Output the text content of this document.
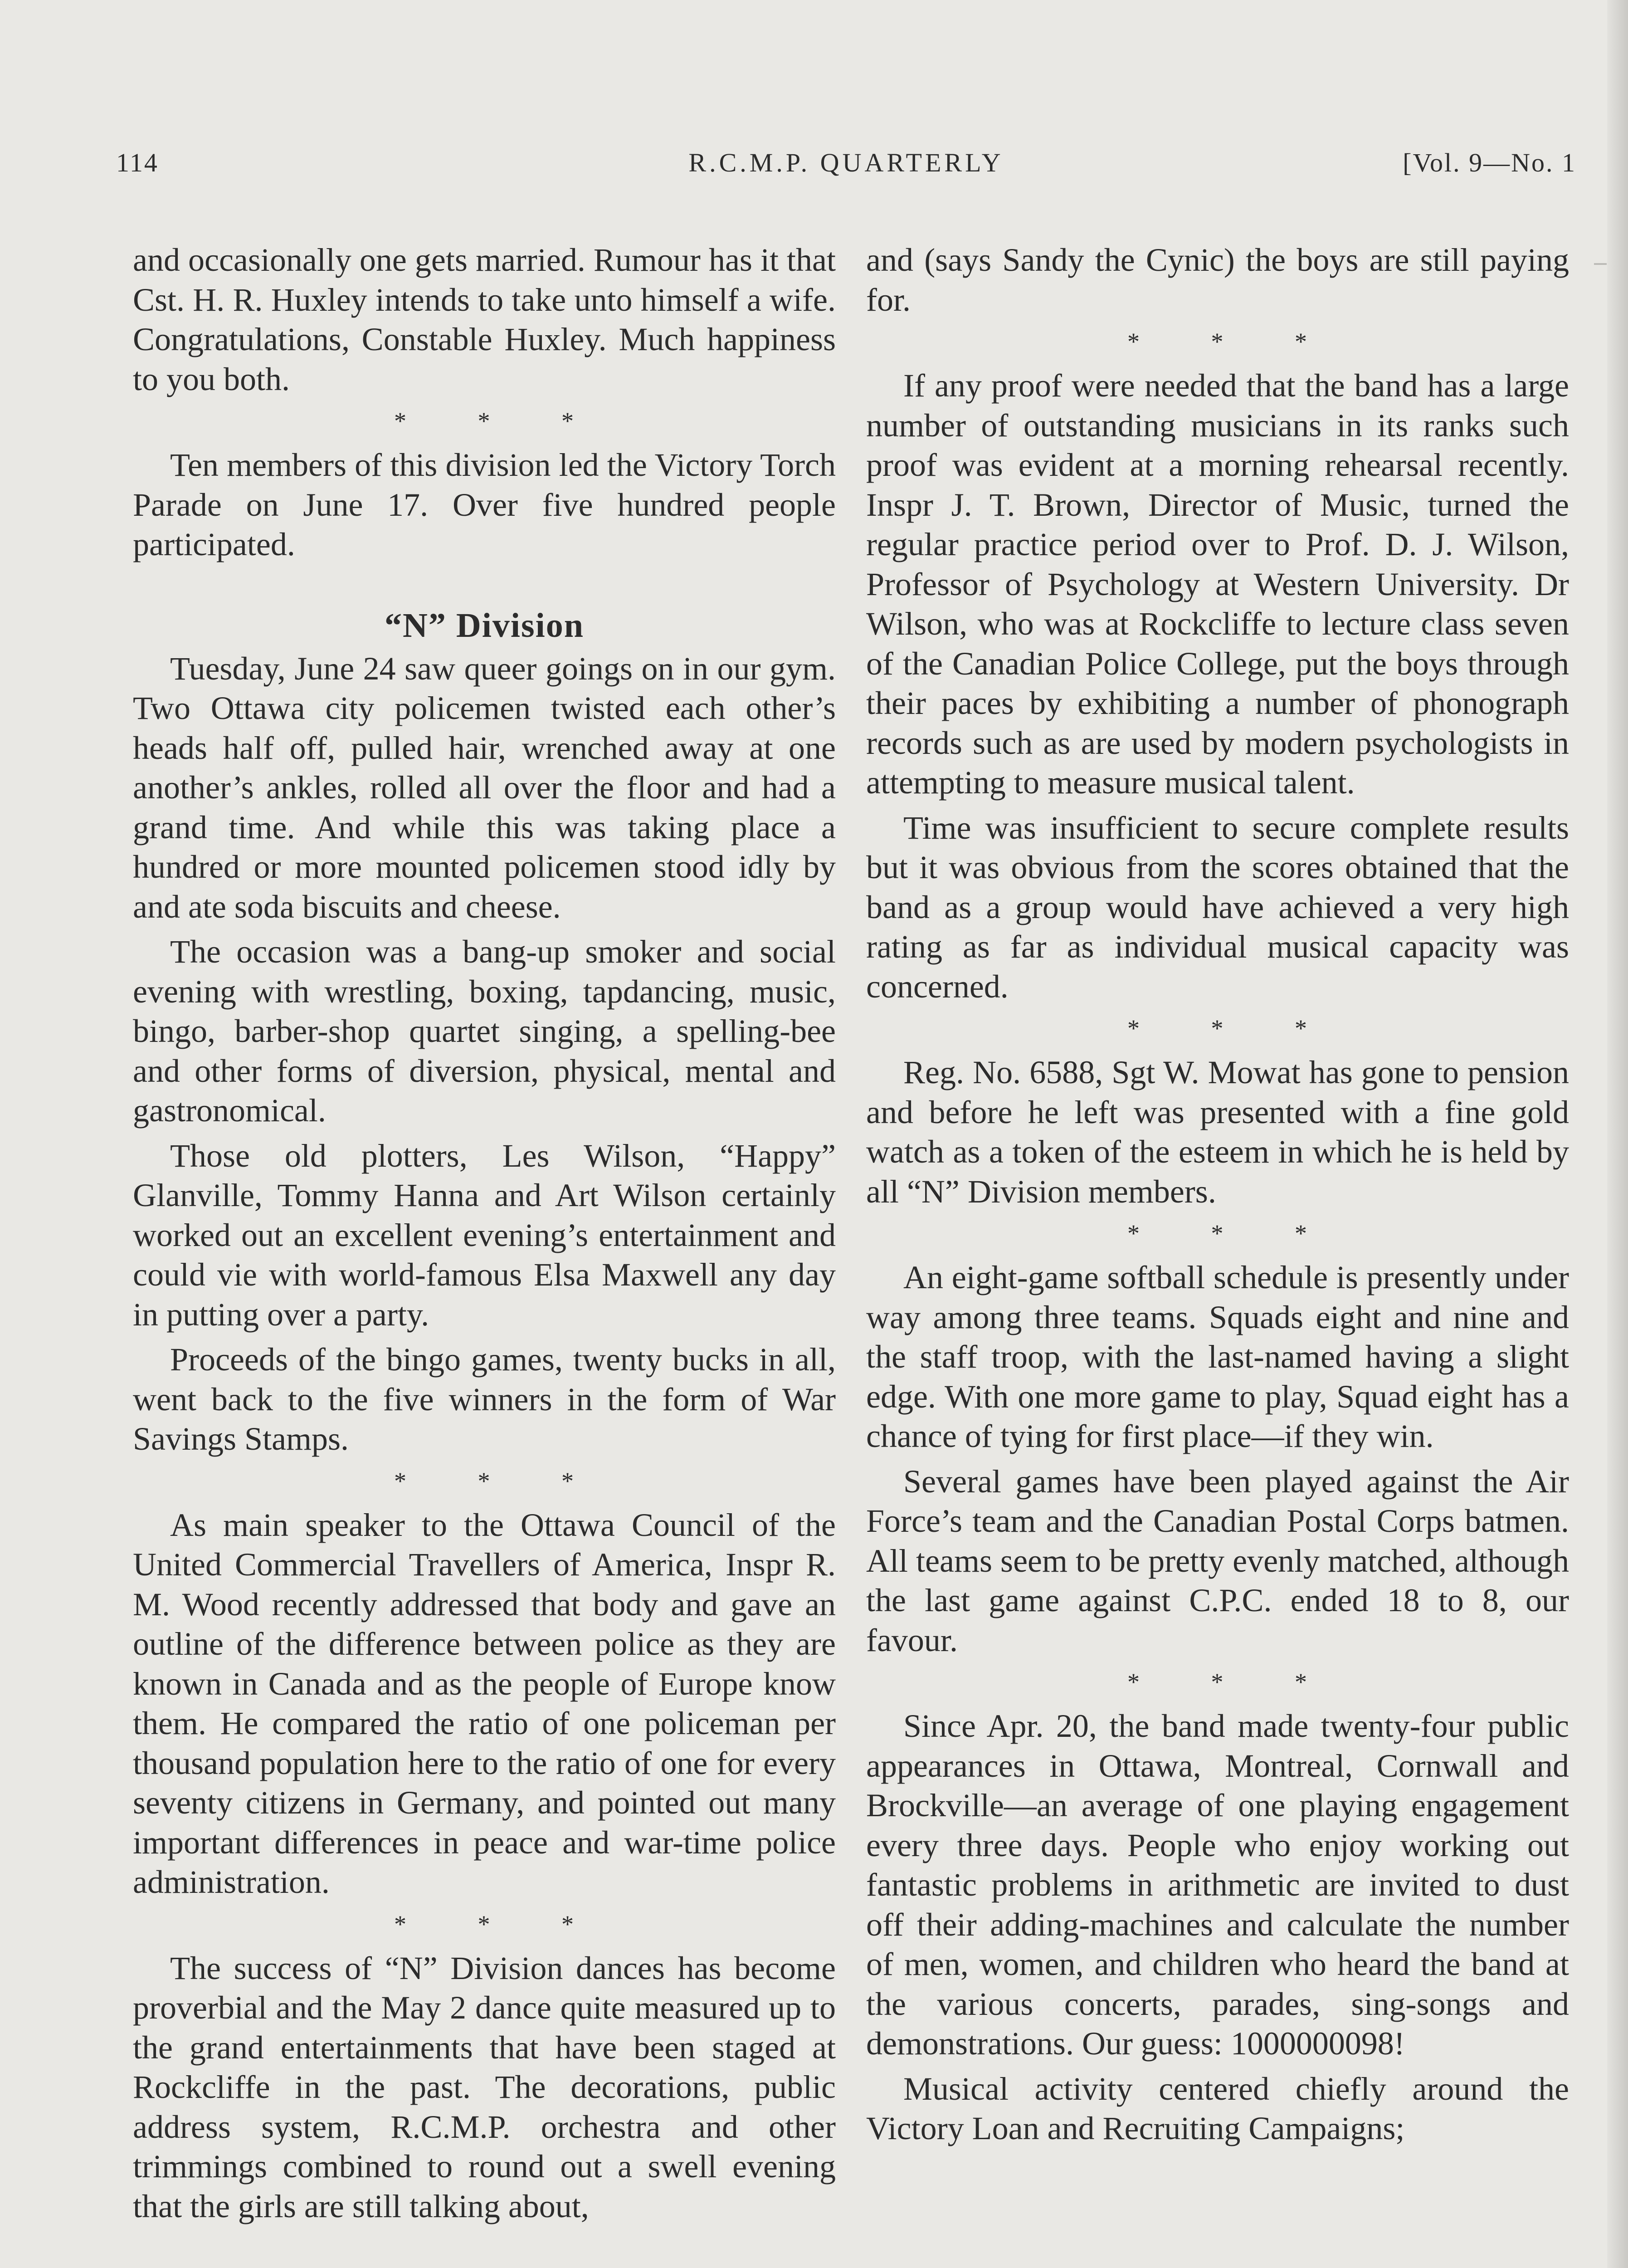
114	R.C.M.P. QUARTERLY	[Vol. 9—No. 1

and occasionally one gets married. Rumour has it that Cst. H. R. Huxley intends to take unto himself a wife. Congratulations, Constable Huxley. Much happiness to you both.

* * *

Ten members of this division led the Victory Torch Parade on June 17. Over five hundred people participated.

“N” Division

Tuesday, June 24 saw queer goings on in our gym. Two Ottawa city policemen twisted each other’s heads half off, pulled hair, wrenched away at one another’s ankles, rolled all over the floor and had a grand time. And while this was taking place a hundred or more mounted policemen stood idly by and ate soda biscuits and cheese.

The occasion was a bang-up smoker and social evening with wrestling, boxing, tapdancing, music, bingo, barber-shop quartet singing, a spelling-bee and other forms of diversion, physical, mental and gastronomical.

Those old plotters, Les Wilson, “Happy” Glanville, Tommy Hanna and Art Wilson certainly worked out an excellent evening’s entertainment and could vie with world-famous Elsa Maxwell any day in putting over a party.

Proceeds of the bingo games, twenty bucks in all, went back to the five winners in the form of War Savings Stamps.

* * *

As main speaker to the Ottawa Council of the United Commercial Travellers of America, Inspr R. M. Wood recently addressed that body and gave an outline of the difference between police as they are known in Canada and as the people of Europe know them. He compared the ratio of one policeman per thousand population here to the ratio of one for every seventy citizens in Germany, and pointed out many important differences in peace and war-time police administration.

* * *

The success of “N” Division dances has become proverbial and the May 2 dance quite measured up to the grand entertainments that have been staged at Rockcliffe in the past. The decorations, public address system, R.C.M.P. orchestra and other trimmings combined to round out a swell evening that the girls are still talking about,

and (says Sandy the Cynic) the boys are still paying for.

* * *

If any proof were needed that the band has a large number of outstanding musicians in its ranks such proof was evident at a morning rehearsal recently. Inspr J. T. Brown, Director of Music, turned the regular practice period over to Prof. D. J. Wilson, Professor of Psychology at Western University. Dr Wilson, who was at Rockcliffe to lecture class seven of the Canadian Police College, put the boys through their paces by exhibiting a number of phonograph records such as are used by modern psychologists in attempting to measure musical talent.

Time was insufficient to secure complete results but it was obvious from the scores obtained that the band as a group would have achieved a very high rating as far as individual musical capacity was concerned.

* * *

Reg. No. 6588, Sgt W. Mowat has gone to pension and before he left was presented with a fine gold watch as a token of the esteem in which he is held by all “N” Division members.

* * *

An eight-game softball schedule is presently under way among three teams. Squads eight and nine and the staff troop, with the last-named having a slight edge. With one more game to play, Squad eight has a chance of tying for first place—if they win.

Several games have been played against the Air Force’s team and the Canadian Postal Corps batmen. All teams seem to be pretty evenly matched, although the last game against C.P.C. ended 18 to 8, our favour.

* * *

Since Apr. 20, the band made twenty-four public appearances in Ottawa, Montreal, Cornwall and Brockville—an average of one playing engagement every three days. People who enjoy working out fantastic problems in arithmetic are invited to dust off their adding-machines and calculate the number of men, women, and children who heard the band at the various concerts, parades, sing-songs and demonstrations. Our guess: 1000000098!

Musical activity centered chiefly around the Victory Loan and Recruiting Campaigns;
